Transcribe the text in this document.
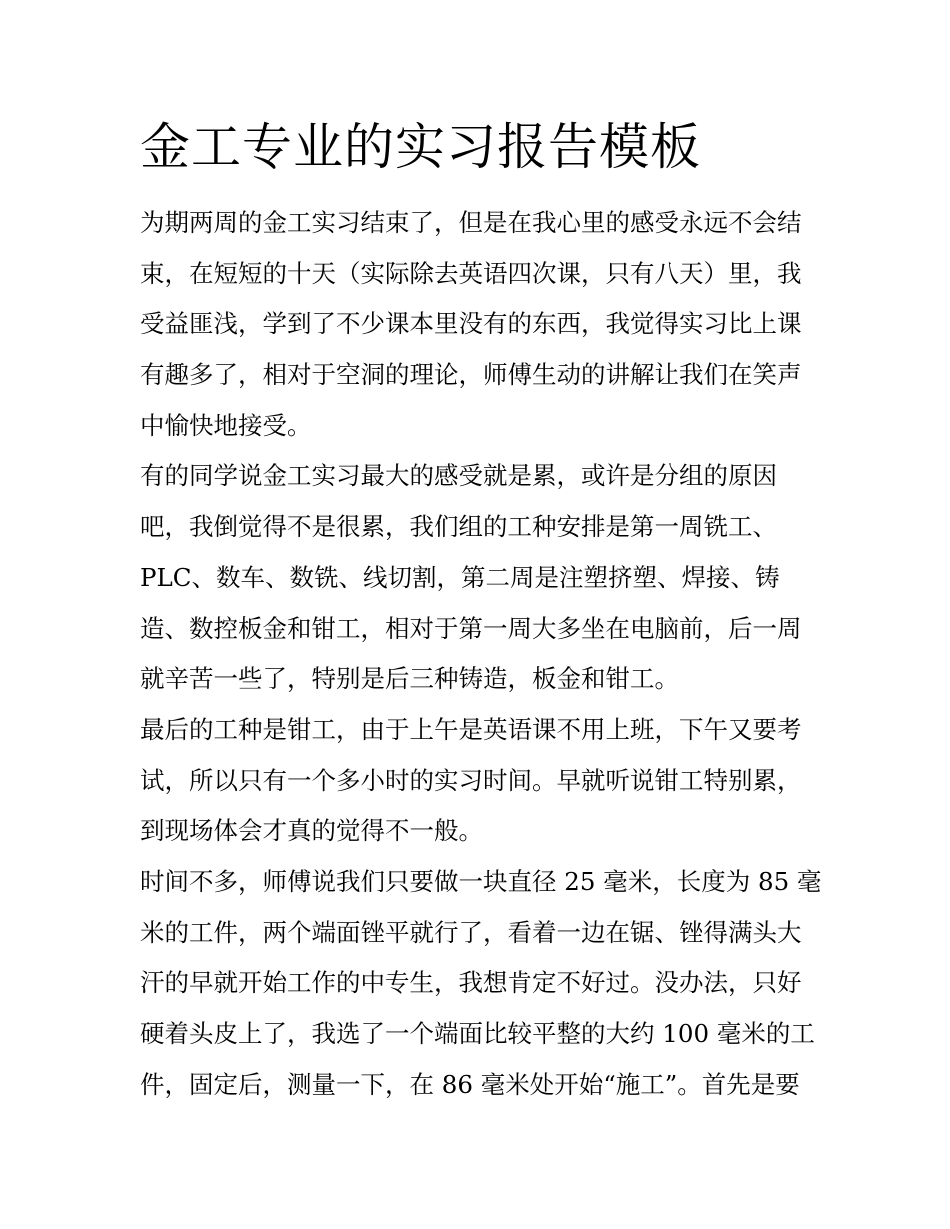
金工专业的实习报告模板
为期两周的金工实习结束了，但是在我心里的感受永远不会结
束，在短短的十天（实际除去英语四次课，只有八天）里，我
受益匪浅，学到了不少课本里没有的东西，我觉得实习比上课
有趣多了，相对于空洞的理论，师傅生动的讲解让我们在笑声
中愉快地接受。
有的同学说金工实习最大的感受就是累，或许是分组的原因
吧，我倒觉得不是很累，我们组的工种安排是第一周铣工、
PLC、数车、数铣、线切割，第二周是注塑挤塑、焊接、铸
造、数控板金和钳工，相对于第一周大多坐在电脑前，后一周
就辛苦一些了，特别是后三种铸造，板金和钳工。
最后的工种是钳工，由于上午是英语课不用上班，下午又要考
试，所以只有一个多小时的实习时间。早就听说钳工特别累，
到现场体会才真的觉得不一般。
时间不多，师傅说我们只要做一块直径 25 毫米，长度为 85 毫
米的工件，两个端面锉平就行了，看着一边在锯、锉得满头大
汗的早就开始工作的中专生，我想肯定不好过。没办法，只好
硬着头皮上了，我选了一个端面比较平整的大约 100 毫米的工
件，固定后，测量一下，在 86 毫米处开始“施工”。首先是要
